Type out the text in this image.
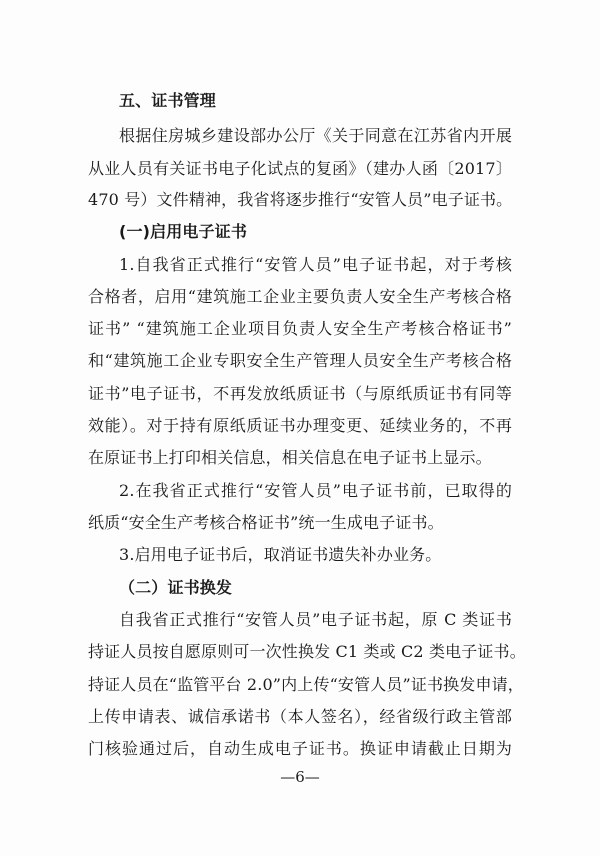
五、证书管理
根据住房城乡建设部办公厅《关于同意在江苏省内开展
从业人员有关证书电子化试点的复函》（建办人函〔2017〕
470 号）文件精神，我省将逐步推行“安管人员”电子证书。
(一)启用电子证书
1.自我省正式推行“安管人员”电子证书起，对于考核
合格者，启用“建筑施工企业主要负责人安全生产考核合格
证书” “建筑施工企业项目负责人安全生产考核合格证书”
和“建筑施工企业专职安全生产管理人员安全生产考核合格
证书”电子证书，不再发放纸质证书（与原纸质证书有同等
效能）。对于持有原纸质证书办理变更、延续业务的，不再
在原证书上打印相关信息，相关信息在电子证书上显示。
2.在我省正式推行“安管人员”电子证书前，已取得的
纸质“安全生产考核合格证书”统一生成电子证书。
3.启用电子证书后，取消证书遗失补办业务。
（二）证书换发
自我省正式推行“安管人员”电子证书起，原 C 类证书
持证人员按自愿原则可一次性换发 C1 类或 C2 类电子证书。
持证人员在“监管平台 2.0”内上传“安管人员”证书换发申请，
上传申请表、诚信承诺书（本人签名），经省级行政主管部
门核验通过后，自动生成电子证书。换证申请截止日期为
—6—
